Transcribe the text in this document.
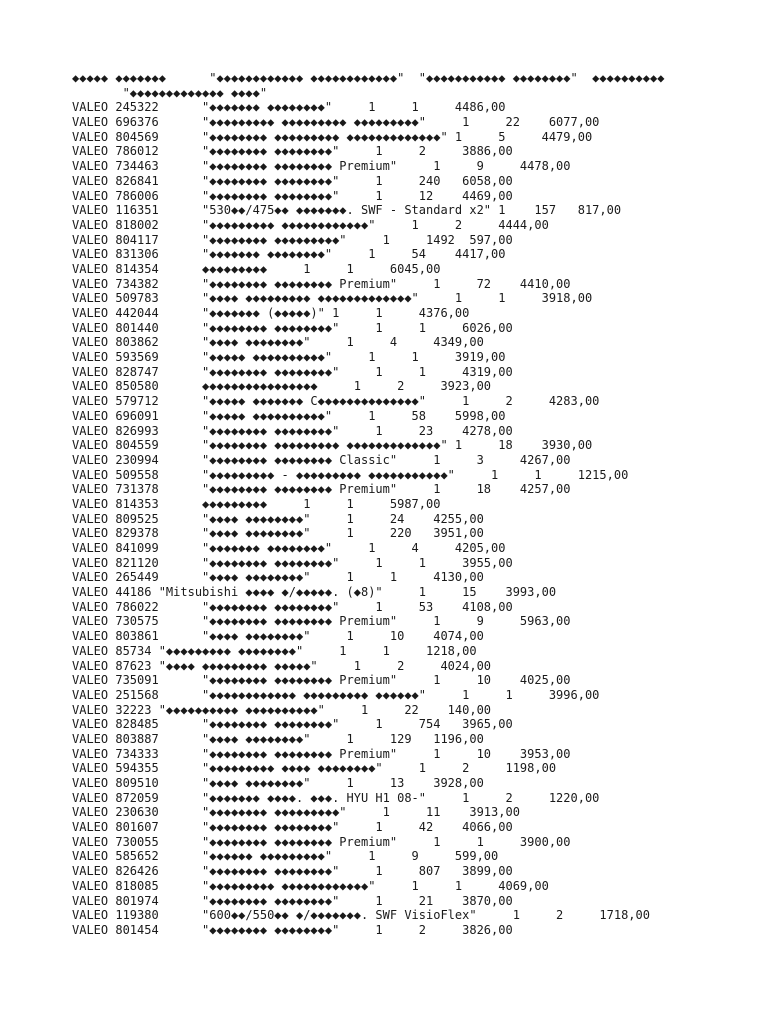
◆◆◆◆◆ ◆◆◆◆◆◆◆      "◆◆◆◆◆◆◆◆◆◆◆◆ ◆◆◆◆◆◆◆◆◆◆◆◆"  "◆◆◆◆◆◆◆◆◆◆◆ ◆◆◆◆◆◆◆◆"  ◆◆◆◆◆◆◆◆◆◆
"◆◆◆◆◆◆◆◆◆◆◆◆◆ ◆◆◆◆"
VALEO 245322      "◆◆◆◆◆◆◆ ◆◆◆◆◆◆◆◆"     1     1     4486,00
VALEO 696376      "◆◆◆◆◆◆◆◆◆ ◆◆◆◆◆◆◆◆◆ ◆◆◆◆◆◆◆◆◆"     1     22    6077,00
VALEO 804569      "◆◆◆◆◆◆◆◆ ◆◆◆◆◆◆◆◆◆ ◆◆◆◆◆◆◆◆◆◆◆◆◆" 1     5     4479,00
VALEO 786012      "◆◆◆◆◆◆◆◆ ◆◆◆◆◆◆◆◆"     1     2     3886,00
VALEO 734463      "◆◆◆◆◆◆◆◆ ◆◆◆◆◆◆◆◆ Premium"     1     9     4478,00
VALEO 826841      "◆◆◆◆◆◆◆◆ ◆◆◆◆◆◆◆◆"     1     240   6058,00
VALEO 786006      "◆◆◆◆◆◆◆◆ ◆◆◆◆◆◆◆◆"     1     12    4469,00
VALEO 116351      "530◆◆/475◆◆ ◆◆◆◆◆◆◆. SWF - Standard x2" 1    157   817,00
VALEO 818002      "◆◆◆◆◆◆◆◆◆ ◆◆◆◆◆◆◆◆◆◆◆◆"     1     2     4444,00
VALEO 804117      "◆◆◆◆◆◆◆◆ ◆◆◆◆◆◆◆◆◆"     1     1492  597,00
VALEO 831306      "◆◆◆◆◆◆◆ ◆◆◆◆◆◆◆◆"     1     54    4417,00
VALEO 814354      ◆◆◆◆◆◆◆◆◆     1     1     6045,00
VALEO 734382      "◆◆◆◆◆◆◆◆ ◆◆◆◆◆◆◆◆ Premium"     1     72    4410,00
VALEO 509783      "◆◆◆◆ ◆◆◆◆◆◆◆◆◆ ◆◆◆◆◆◆◆◆◆◆◆◆◆"     1     1     3918,00
VALEO 442044      "◆◆◆◆◆◆◆ (◆◆◆◆◆)" 1     1     4376,00
VALEO 801440      "◆◆◆◆◆◆◆◆ ◆◆◆◆◆◆◆◆"     1     1     6026,00
VALEO 803862      "◆◆◆◆ ◆◆◆◆◆◆◆◆"     1     4     4349,00
VALEO 593569      "◆◆◆◆◆ ◆◆◆◆◆◆◆◆◆◆"     1     1     3919,00
VALEO 828747      "◆◆◆◆◆◆◆◆ ◆◆◆◆◆◆◆◆"     1     1     4319,00
VALEO 850580      ◆◆◆◆◆◆◆◆◆◆◆◆◆◆◆◆     1     2     3923,00
VALEO 579712      "◆◆◆◆◆ ◆◆◆◆◆◆◆ C◆◆◆◆◆◆◆◆◆◆◆◆◆◆"     1     2     4283,00
VALEO 696091      "◆◆◆◆◆ ◆◆◆◆◆◆◆◆◆◆"     1     58    5998,00
VALEO 826993      "◆◆◆◆◆◆◆◆ ◆◆◆◆◆◆◆◆"     1     23    4278,00
VALEO 804559      "◆◆◆◆◆◆◆◆ ◆◆◆◆◆◆◆◆◆ ◆◆◆◆◆◆◆◆◆◆◆◆◆" 1     18    3930,00
VALEO 230994      "◆◆◆◆◆◆◆◆ ◆◆◆◆◆◆◆◆ Classic"     1     3     4267,00
VALEO 509558      "◆◆◆◆◆◆◆◆◆ - ◆◆◆◆◆◆◆◆◆ ◆◆◆◆◆◆◆◆◆◆◆"     1     1     1215,00
VALEO 731378      "◆◆◆◆◆◆◆◆ ◆◆◆◆◆◆◆◆ Premium"     1     18    4257,00
VALEO 814353      ◆◆◆◆◆◆◆◆◆     1     1     5987,00
VALEO 809525      "◆◆◆◆ ◆◆◆◆◆◆◆◆"     1     24    4255,00
VALEO 829378      "◆◆◆◆ ◆◆◆◆◆◆◆◆"     1     220   3951,00
VALEO 841099      "◆◆◆◆◆◆◆ ◆◆◆◆◆◆◆◆"     1     4     4205,00
VALEO 821120      "◆◆◆◆◆◆◆◆ ◆◆◆◆◆◆◆◆"     1     1     3955,00
VALEO 265449      "◆◆◆◆ ◆◆◆◆◆◆◆◆"     1     1     4130,00
VALEO 44186 "Mitsubishi ◆◆◆◆ ◆/◆◆◆◆◆. (◆8)"     1     15    3993,00
VALEO 786022      "◆◆◆◆◆◆◆◆ ◆◆◆◆◆◆◆◆"     1     53    4108,00
VALEO 730575      "◆◆◆◆◆◆◆◆ ◆◆◆◆◆◆◆◆ Premium"     1     9     5963,00
VALEO 803861      "◆◆◆◆ ◆◆◆◆◆◆◆◆"     1     10    4074,00
VALEO 85734 "◆◆◆◆◆◆◆◆◆ ◆◆◆◆◆◆◆◆"     1     1     1218,00
VALEO 87623 "◆◆◆◆ ◆◆◆◆◆◆◆◆◆ ◆◆◆◆◆"     1     2     4024,00
VALEO 735091      "◆◆◆◆◆◆◆◆ ◆◆◆◆◆◆◆◆ Premium"     1     10    4025,00
VALEO 251568      "◆◆◆◆◆◆◆◆◆◆◆◆ ◆◆◆◆◆◆◆◆◆ ◆◆◆◆◆◆"     1     1     3996,00
VALEO 32223 "◆◆◆◆◆◆◆◆◆◆ ◆◆◆◆◆◆◆◆◆◆"     1     22    140,00
VALEO 828485      "◆◆◆◆◆◆◆◆ ◆◆◆◆◆◆◆◆"     1     754   3965,00
VALEO 803887      "◆◆◆◆ ◆◆◆◆◆◆◆◆"     1     129   1196,00
VALEO 734333      "◆◆◆◆◆◆◆◆ ◆◆◆◆◆◆◆◆ Premium"     1     10    3953,00
VALEO 594355      "◆◆◆◆◆◆◆◆◆ ◆◆◆◆ ◆◆◆◆◆◆◆◆"     1     2     1198,00
VALEO 809510      "◆◆◆◆ ◆◆◆◆◆◆◆◆"     1     13    3928,00
VALEO 872059      "◆◆◆◆◆◆◆ ◆◆◆◆. ◆◆◆. HYU H1 08-"     1     2     1220,00
VALEO 230630      "◆◆◆◆◆◆◆◆ ◆◆◆◆◆◆◆◆◆"     1     11    3913,00
VALEO 801607      "◆◆◆◆◆◆◆◆ ◆◆◆◆◆◆◆◆"     1     42    4066,00
VALEO 730055      "◆◆◆◆◆◆◆◆ ◆◆◆◆◆◆◆◆ Premium"     1     1     3900,00
VALEO 585652      "◆◆◆◆◆◆ ◆◆◆◆◆◆◆◆◆"     1     9     599,00
VALEO 826426      "◆◆◆◆◆◆◆◆ ◆◆◆◆◆◆◆◆"     1     807   3899,00
VALEO 818085      "◆◆◆◆◆◆◆◆◆ ◆◆◆◆◆◆◆◆◆◆◆◆"     1     1     4069,00
VALEO 801974      "◆◆◆◆◆◆◆◆ ◆◆◆◆◆◆◆◆"     1     21    3870,00
VALEO 119380      "600◆◆/550◆◆ ◆/◆◆◆◆◆◆◆. SWF VisioFlex"     1     2     1718,00
VALEO 801454      "◆◆◆◆◆◆◆◆ ◆◆◆◆◆◆◆◆"     1     2     3826,00
